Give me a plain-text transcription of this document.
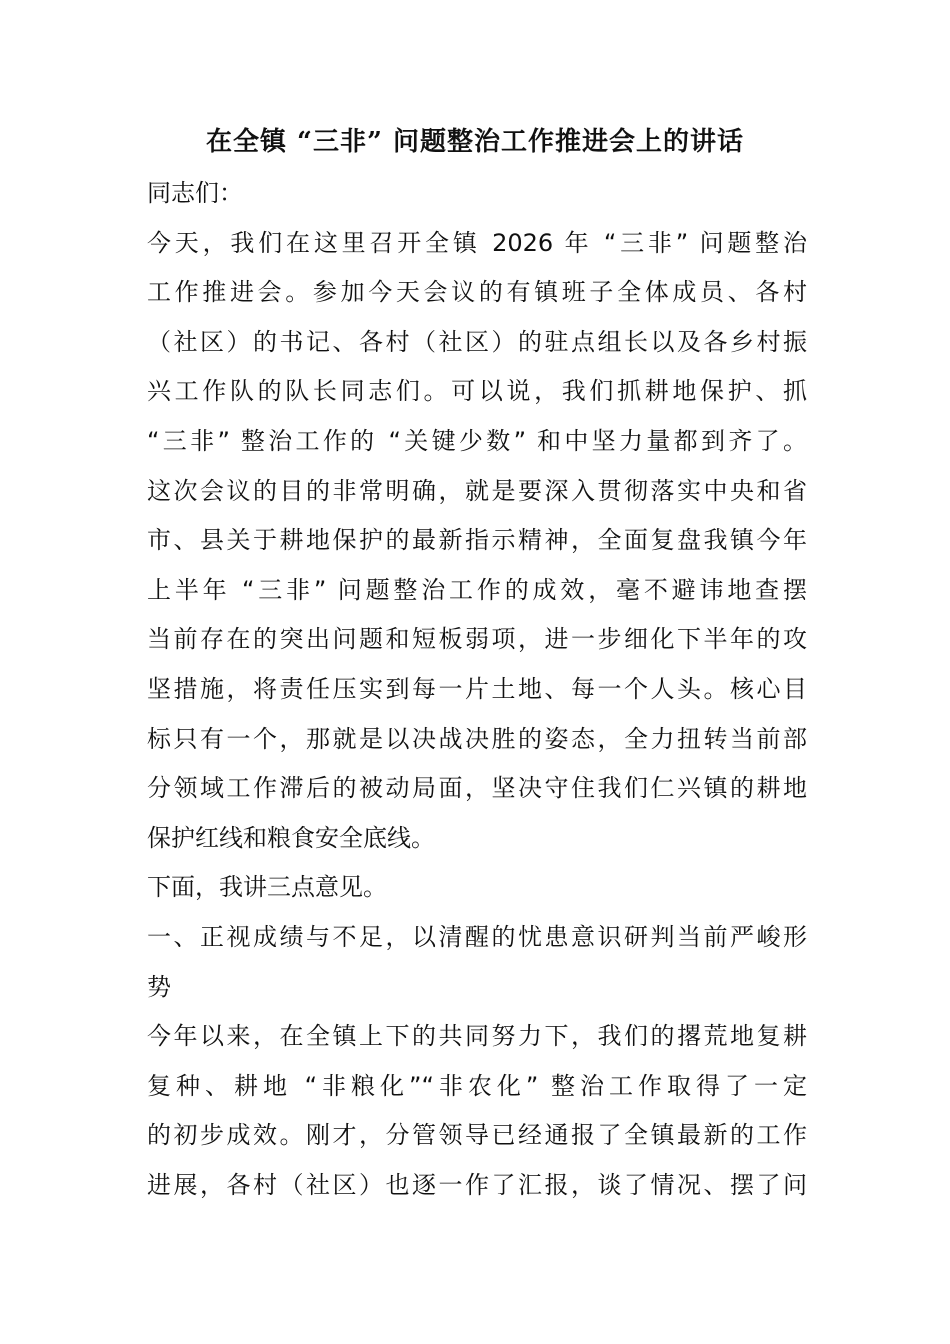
在全镇 “三非” 问题整治工作推进会上的讲话
同志们：
今天，我们在这里召开全镇 2026 年 “三非” 问题整治
工作推进会。参加今天会议的有镇班子全体成员、各村
（社区）的书记、各村（社区）的驻点组长以及各乡村振
兴工作队的队长同志们。可以说，我们抓耕地保护、抓
“三非” 整治工作的 “关键少数” 和中坚力量都到齐了。
这次会议的目的非常明确，就是要深入贯彻落实中央和省
市、县关于耕地保护的最新指示精神，全面复盘我镇今年
上半年 “三非” 问题整治工作的成效，毫不避讳地查摆
当前存在的突出问题和短板弱项，进一步细化下半年的攻
坚措施，将责任压实到每一片土地、每一个人头。核心目
标只有一个，那就是以决战决胜的姿态，全力扭转当前部
分领域工作滞后的被动局面，坚决守住我们仁兴镇的耕地
保护红线和粮食安全底线。
下面，我讲三点意见。
一、正视成绩与不足，以清醒的忧患意识研判当前严峻形
势
今年以来，在全镇上下的共同努力下，我们的撂荒地复耕
复种、耕地 “非粮化”“非农化” 整治工作取得了一定
的初步成效。刚才，分管领导已经通报了全镇最新的工作
进展，各村（社区）也逐一作了汇报，谈了情况、摆了问
